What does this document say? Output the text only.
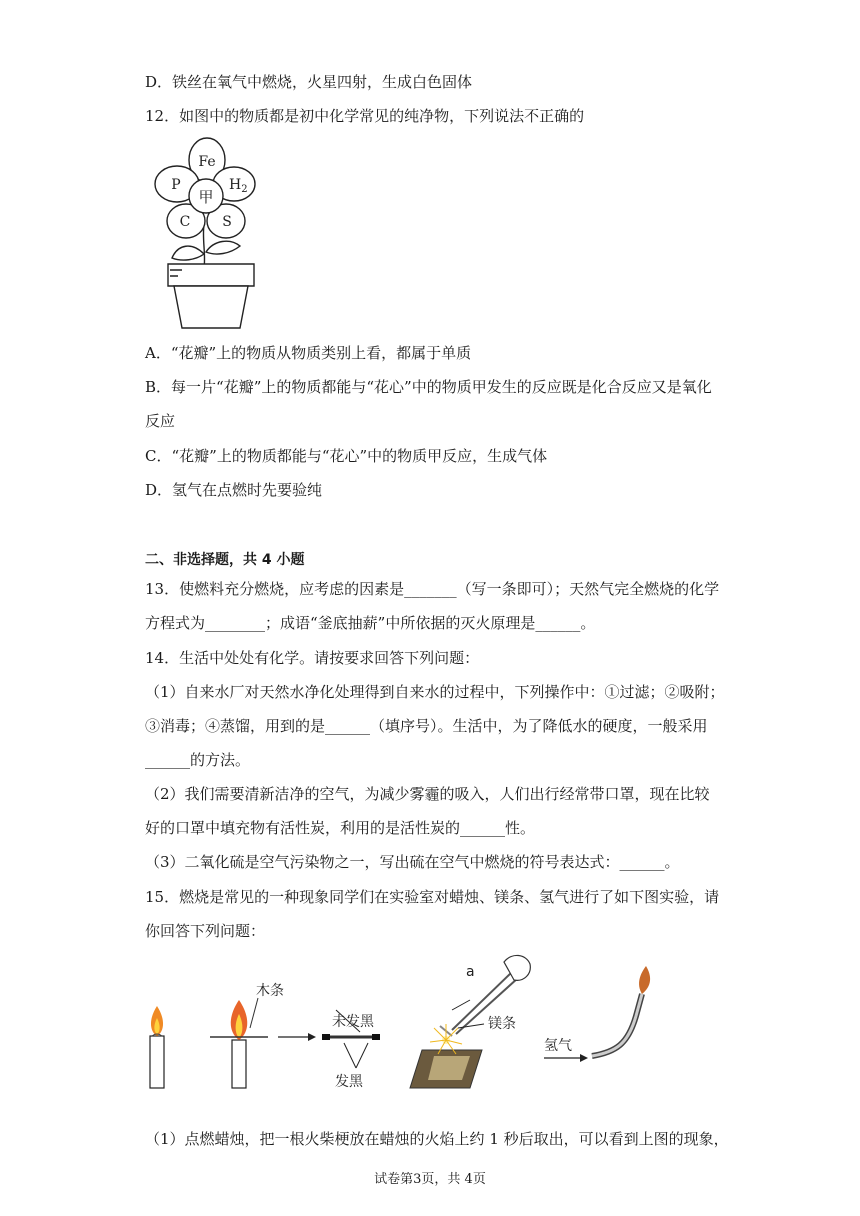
D．铁丝在氧气中燃烧，火星四射，生成白色固体
12．如图中的物质都是初中化学常见的纯净物，下列说法不正确的
甲
Fe
P	$H_2$
C S
A．“花瓣”上的物质从物质类别上看，都属于单质
B．每一片“花瓣”上的物质都能与“花心”中的物质甲发生的反应既是化合反应又是氧化
反应
C．“花瓣”上的物质都能与“花心”中的物质甲反应，生成气体
D．氢气在点燃时先要验纯
二、非选择题，共 4 小题
13．使燃料充分燃烧，应考虑的因素是_______（写一条即可）；天然气完全燃烧的化学
方程式为________；成语“釜底抽薪”中所依据的灭火原理是______。
14．生活中处处有化学。请按要求回答下列问题：
（1）自来水厂对天然水净化处理得到自来水的过程中，下列操作中：①过滤；②吸附；
③消毒；④蒸馏，用到的是______（填序号）。生活中，为了降低水的硬度，一般采用
______的方法。
（2）我们需要清新洁净的空气，为减少雾霾的吸入，人们出行经常带口罩，现在比较
好的口罩中填充物有活性炭，利用的是活性炭的______性。
（3）二氧化硫是空气污染物之一，写出硫在空气中燃烧的符号表达式：______。
15．燃烧是常见的一种现象同学们在实验室对蜡烛、镁条、氢气进行了如下图实验，请
你回答下列问题：
木条
未发黑
发黑
a
镁条
氢气
（1）点燃蜡烛，把一根火柴梗放在蜡烛的火焰上约 1 秒后取出，可以看到上图的现象，
试卷第3页，共 4页
